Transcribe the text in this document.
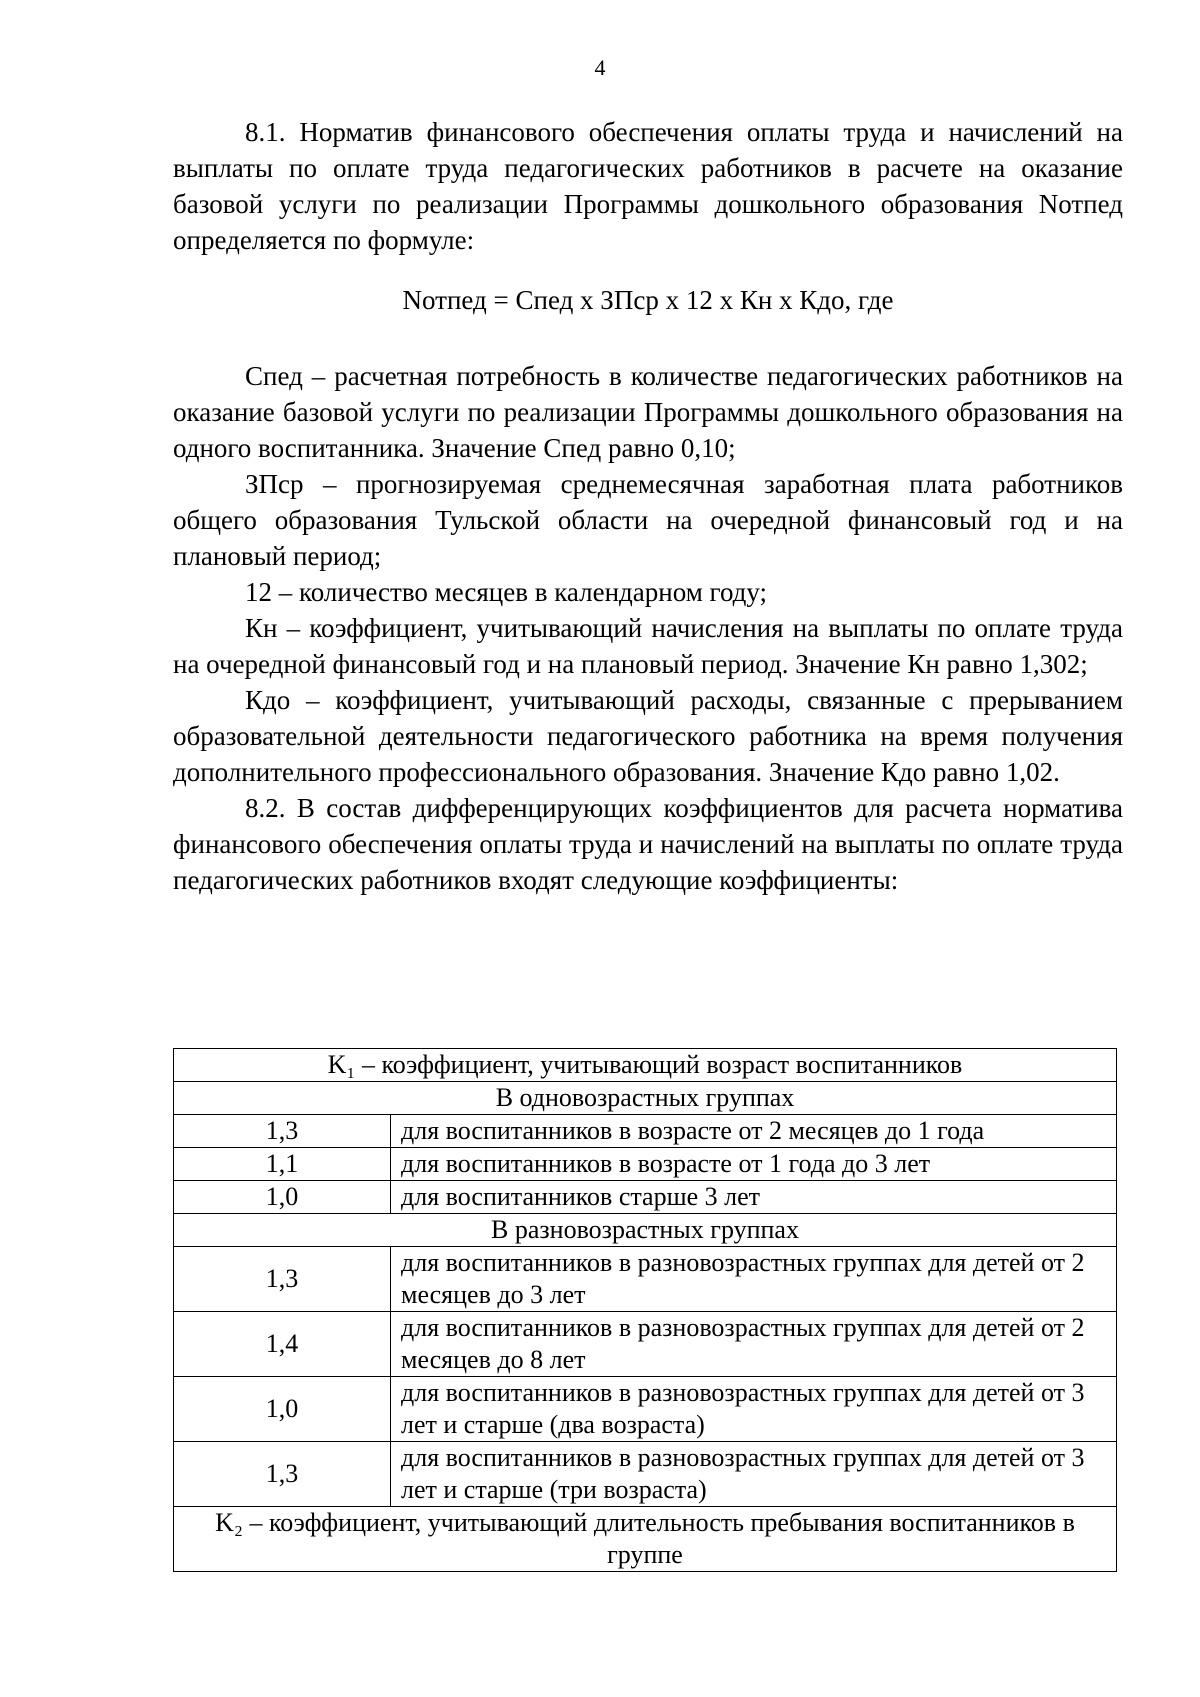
4

8.1. Норматив финансового обеспечения оплаты труда и начислений на выплаты по оплате труда педагогических работников в расчете на оказание базовой услуги по реализации Программы дошкольного образования Nотпед определяется по формуле:

Nотпед = Спед х ЗПср х 12 х Кн х Кдо, где

Спед – расчетная потребность в количестве педагогических работников на оказание базовой услуги по реализации Программы дошкольного образования на одного воспитанника. Значение Спед равно 0,10;

ЗПср – прогнозируемая среднемесячная заработная плата работников общего образования Тульской области на очередной финансовый год и на плановый период;

12 – количество месяцев в календарном году;

Кн – коэффициент, учитывающий начисления на выплаты по оплате труда на очередной финансовый год и на плановый период. Значение Кн равно 1,302;

Кдо – коэффициент, учитывающий расходы, связанные с прерыванием образовательной деятельности педагогического работника на время получения дополнительного профессионального образования. Значение Кдо равно 1,02.

8.2. В состав дифференцирующих коэффициентов для расчета норматива финансового обеспечения оплаты труда и начислений на выплаты по оплате труда педагогических работников входят следующие коэффициенты:

K₁ – коэффициент, учитывающий возраст воспитанников	
В одновозрастных группах	
1,3	для воспитанников в возрасте от 2 месяцев до 1 года
1,1	для воспитанников в возрасте от 1 года до 3 лет
1,0	для воспитанников старше 3 лет
В разновозрастных группах	
1,3	для воспитанников в разновозрастных группах для детей от 2 месяцев до 3 лет
1,4	для воспитанников в разновозрастных группах для детей от 2 месяцев до 8 лет
1,0	для воспитанников в разновозрастных группах для детей от 3 лет и старше (два возраста)
1,3	для воспитанников в разновозрастных группах для детей от 3 лет и старше (три возраста)
K₂ – коэффициент, учитывающий длительность пребывания воспитанников в группе	
